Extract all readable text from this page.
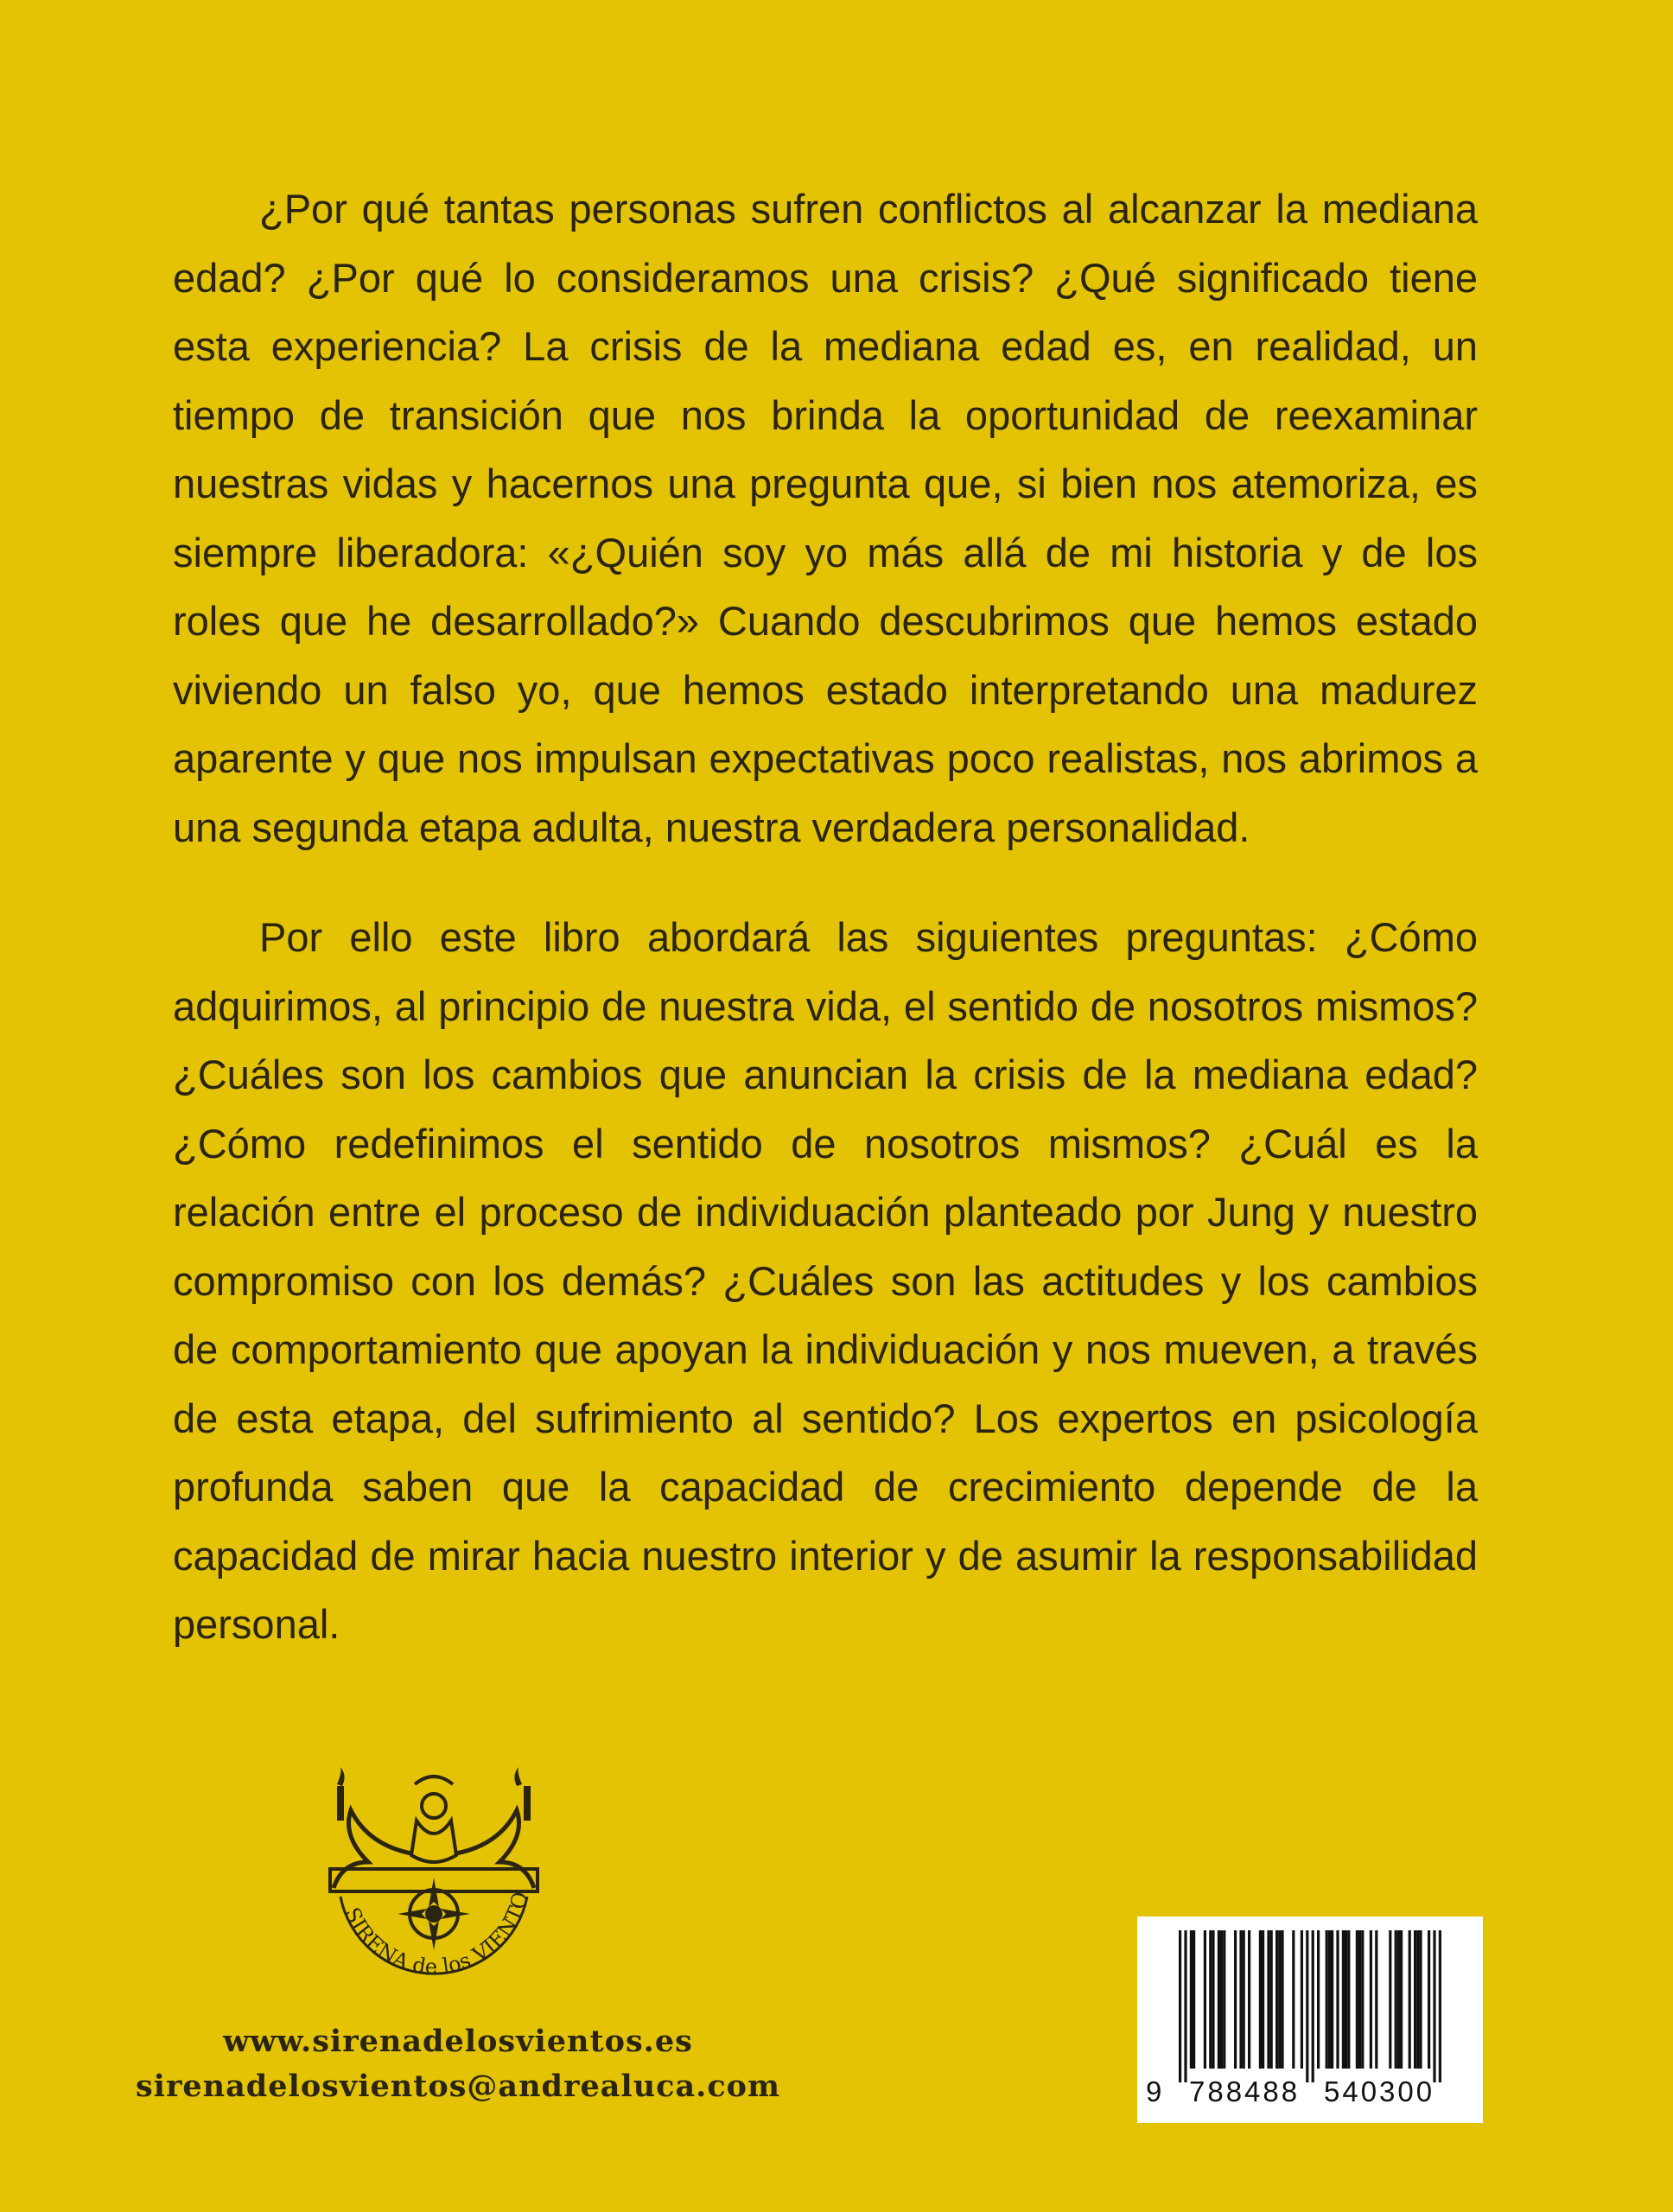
¿Por qué tantas personas sufren conflictos al alcanzar la mediana edad? ¿Por qué lo consideramos una crisis? ¿Qué significado tiene esta experiencia? La crisis de la mediana edad es, en realidad, un tiempo de transición que nos brinda la oportunidad de reexaminar nuestras vidas y hacernos una pregunta que, si bien nos atemoriza, es siempre liberadora: «¿Quién soy yo más allá de mi historia y de los roles que he desarrollado?» Cuando descubrimos que hemos estado viviendo un falso yo, que hemos estado interpretando una madurez aparente y que nos impulsan expectativas poco realistas, nos abrimos a una segunda etapa adulta, nuestra verdadera personalidad.

Por ello este libro abordará las siguientes preguntas: ¿Cómo adquirimos, al principio de nuestra vida, el sentido de nosotros mismos? ¿Cuáles son los cambios que anuncian la crisis de la mediana edad? ¿Cómo redefinimos el sentido de nosotros mismos? ¿Cuál es la relación entre el proceso de individuación planteado por Jung y nuestro compromiso con los demás? ¿Cuáles son las actitudes y los cambios de comportamiento que apoyan la individuación y nos mueven, a través de esta etapa, del sufrimiento al sentido? Los expertos en psicología profunda saben que la capacidad de crecimiento depende de la capacidad de mirar hacia nuestro interior y de asumir la responsabilidad personal.

SIRENA de los VIENTO
www.sirenadelosvientos.es
sirenadelosvientos@andrealuca.com	9 788488 540300
